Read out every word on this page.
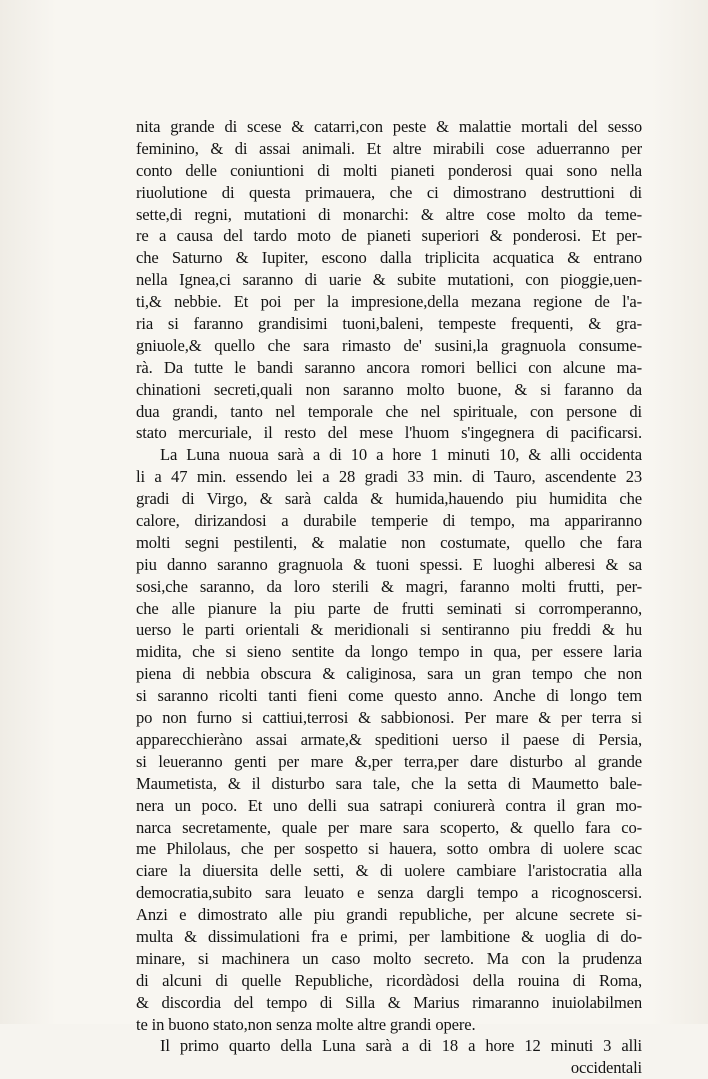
nita grande di scese & catarri,con peste & malattie mortali del sesso
feminino, & di assai animali. Et altre mirabili cose aduerranno per
conto delle coniuntioni di molti pianeti ponderosi quai sono nella
riuolutione di questa primauera, che ci dimostrano destruttioni di
sette,di regni, mutationi di monarchi: & altre cose molto da teme-
re a causa del tardo moto de pianeti superiori & ponderosi. Et per-
che Saturno & Iupiter, escono dalla triplicita acquatica & entrano
nella Ignea,ci saranno di uarie & subite mutationi, con pioggie,uen-
ti,& nebbie. Et poi per la impresione,della mezana regione de l'a-
ria si faranno grandisimi tuoni,baleni, tempeste frequenti, & gra-
gniuole,& quello che sara rimasto de' susini,la gragnuola consume-
rà. Da tutte le bandi saranno ancora romori bellici con alcune ma-
chinationi secreti,quali non saranno molto buone, & si faranno da
dua grandi, tanto nel temporale che nel spirituale, con persone di
stato mercuriale, il resto del mese l'huom s'ingegnera di pacificarsi.
La Luna nuoua sarà a di 10 a hore 1 minuti 10, & alli occidenta
li a 47 min. essendo lei a 28 gradi 33 min. di Tauro, ascendente 23
gradi di Virgo, & sarà calda & humida,hauendo piu humidita che
calore, dirizandosi a durabile temperie di tempo, ma appariranno
molti segni pestilenti, & malatie non costumate, quello che fara
piu danno saranno gragnuola & tuoni spessi. E luoghi alberesi & sa
sosi,che saranno, da loro sterili & magri, faranno molti frutti, per-
che alle pianure la piu parte de frutti seminati si corromperanno,
uerso le parti orientali & meridionali si sentiranno piu freddi & hu
midita, che si sieno sentite da longo tempo in qua, per essere laria
piena di nebbia obscura & caliginosa, sara un gran tempo che non
si saranno ricolti tanti fieni come questo anno. Anche di longo tem
po non furno si cattiui,terrosi & sabbionosi. Per mare & per terra si
apparecchieràno assai armate,& speditioni uerso il paese di Persia,
si leueranno genti per mare &,per terra,per dare disturbo al grande
Maumetista, & il disturbo sara tale, che la setta di Maumetto bale-
nera un poco. Et uno delli sua satrapi coniurerà contra il gran mo-
narca secretamente, quale per mare sara scoperto, & quello fara co-
me Philolaus, che per sospetto si hauera, sotto ombra di uolere scac
ciare la diuersita delle setti, & di uolere cambiare l'aristocratia alla
democratia,subito sara leuato e senza dargli tempo a ricognoscersi.
Anzi e dimostrato alle piu grandi republiche, per alcune secrete si-
multa & dissimulationi fra e primi, per lambitione & uoglia di do-
minare, si machinera un caso molto secreto. Ma con la prudenza
di alcuni di quelle Republiche, ricordàdosi della rouina di Roma,
& discordia del tempo di Silla & Marius rimaranno inuiolabilmen
te in buono stato,non senza molte altre grandi opere.
Il primo quarto della Luna sarà a di 18 a hore 12 minuti 3 alli
occidentali
